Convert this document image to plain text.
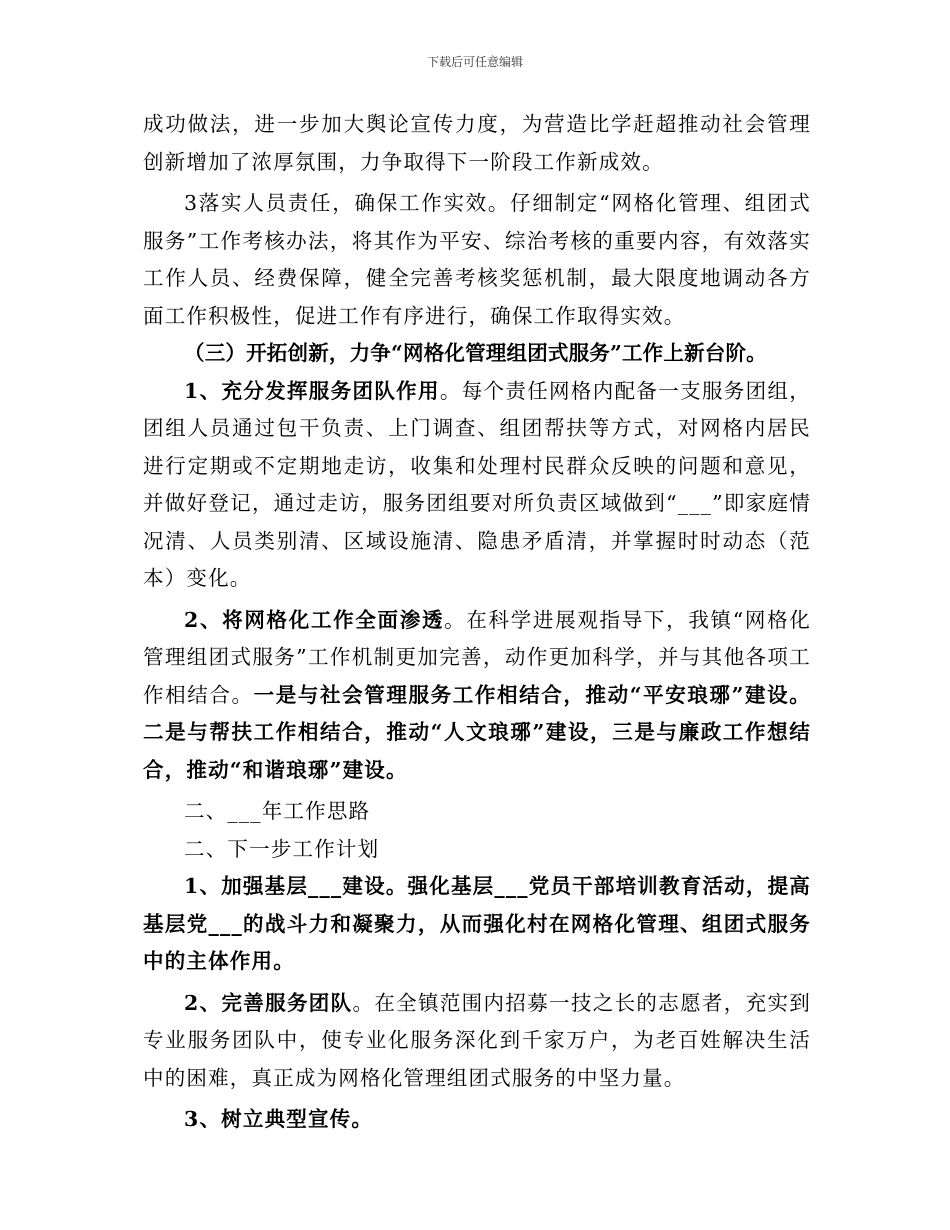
下载后可任意编辑

成功做法，进一步加大舆论宣传力度，为营造比学赶超推动社会管理创新增加了浓厚氛围，力争取得下一阶段工作新成效。

3落实人员责任，确保工作实效。仔细制定“网格化管理、组团式服务”工作考核办法，将其作为平安、综治考核的重要内容，有效落实工作人员、经费保障，健全完善考核奖惩机制，最大限度地调动各方面工作积极性，促进工作有序进行，确保工作取得实效。

（三）开拓创新，力争“网格化管理组团式服务”工作上新台阶。

1、充分发挥服务团队作用。每个责任网格内配备一支服务团组，团组人员通过包干负责、上门调查、组团帮扶等方式，对网格内居民进行定期或不定期地走访，收集和处理村民群众反映的问题和意见，并做好登记，通过走访，服务团组要对所负责区域做到“___”即家庭情况清、人员类别清、区域设施清、隐患矛盾清，并掌握时时动态（范本）变化。

2、将网格化工作全面渗透。在科学进展观指导下，我镇“网格化管理组团式服务”工作机制更加完善，动作更加科学，并与其他各项工作相结合。一是与社会管理服务工作相结合，推动“平安琅琊”建设。二是与帮扶工作相结合，推动“人文琅琊”建设，三是与廉政工作想结合，推动“和谐琅琊”建设。

二、___年工作思路

二、下一步工作计划

1、加强基层___建设。强化基层___党员干部培训教育活动，提高基层党___的战斗力和凝聚力，从而强化村在网格化管理、组团式服务中的主体作用。

2、完善服务团队。在全镇范围内招募一技之长的志愿者，充实到专业服务团队中，使专业化服务深化到千家万户，为老百姓解决生活中的困难，真正成为网格化管理组团式服务的中坚力量。

3、树立典型宣传。
